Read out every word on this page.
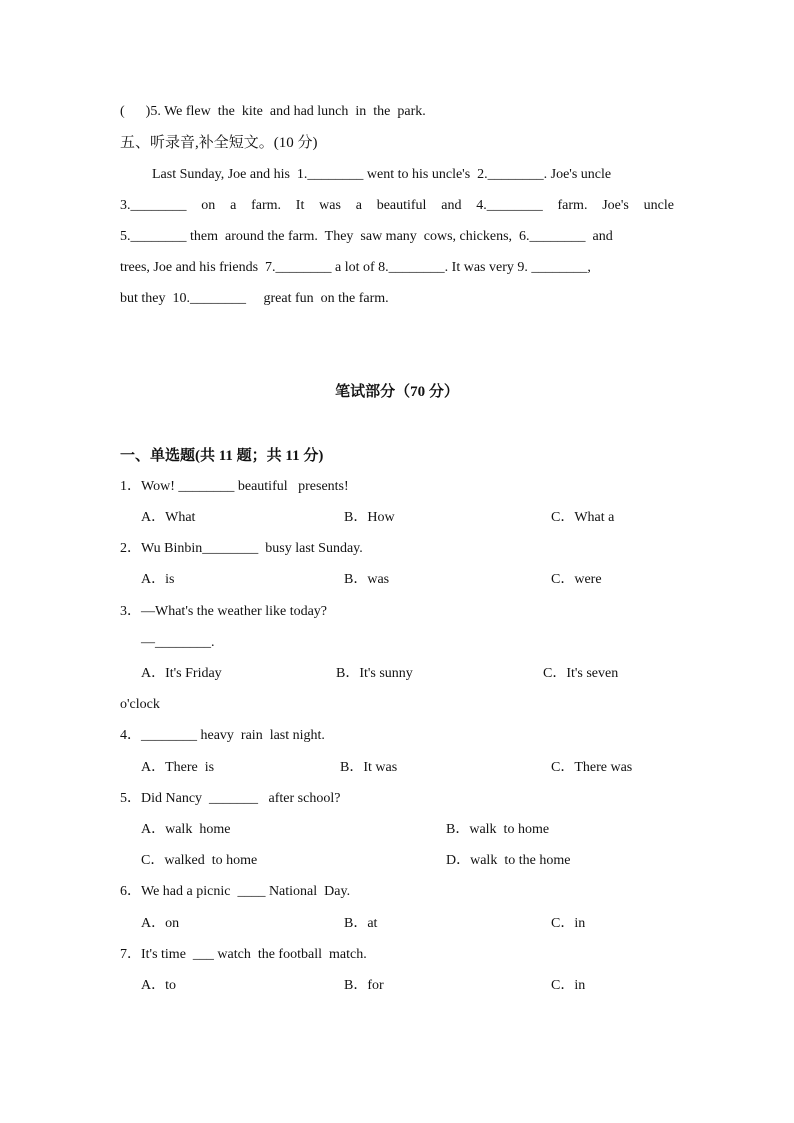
(      )5. We flew  the  kite  and had lunch  in  the  park.
五、听录音,补全短文。(10 分)
Last Sunday, Joe and his  1.________ went to his uncle's  2.________. Joe's uncle
3.________ on a farm. It was a beautiful and 4.________ farm. Joe's uncle
5.________ them  around the farm.  They  saw many  cows, chickens,  6.________  and
trees, Joe and his friends  7.________ a lot of 8.________. It was very 9. ________,
but they  10.________     great fun  on the farm.
笔试部分（70 分）
一、单选题(共 11 题；共 11 分)
1．Wow! ________ beautiful   presents!
A．What	B．How	C．What a
2．Wu Binbin________  busy last Sunday.
A．is	B．was	C．were
3．—What's the weather like today?
—________.
A．It's Friday	B．It's sunny	C．It's seven
o'clock
4．________ heavy  rain  last night.
A．There  is	B．It was	C．There was
5．Did Nancy  _______   after school?
A．walk  home	B．walk  to home
C．walked  to home	D．walk  to the home
6．We had a picnic  ____ National  Day.
A．on	B．at	C．in
7．It's time  ___ watch  the football  match.
A．to	B．for	C．in
